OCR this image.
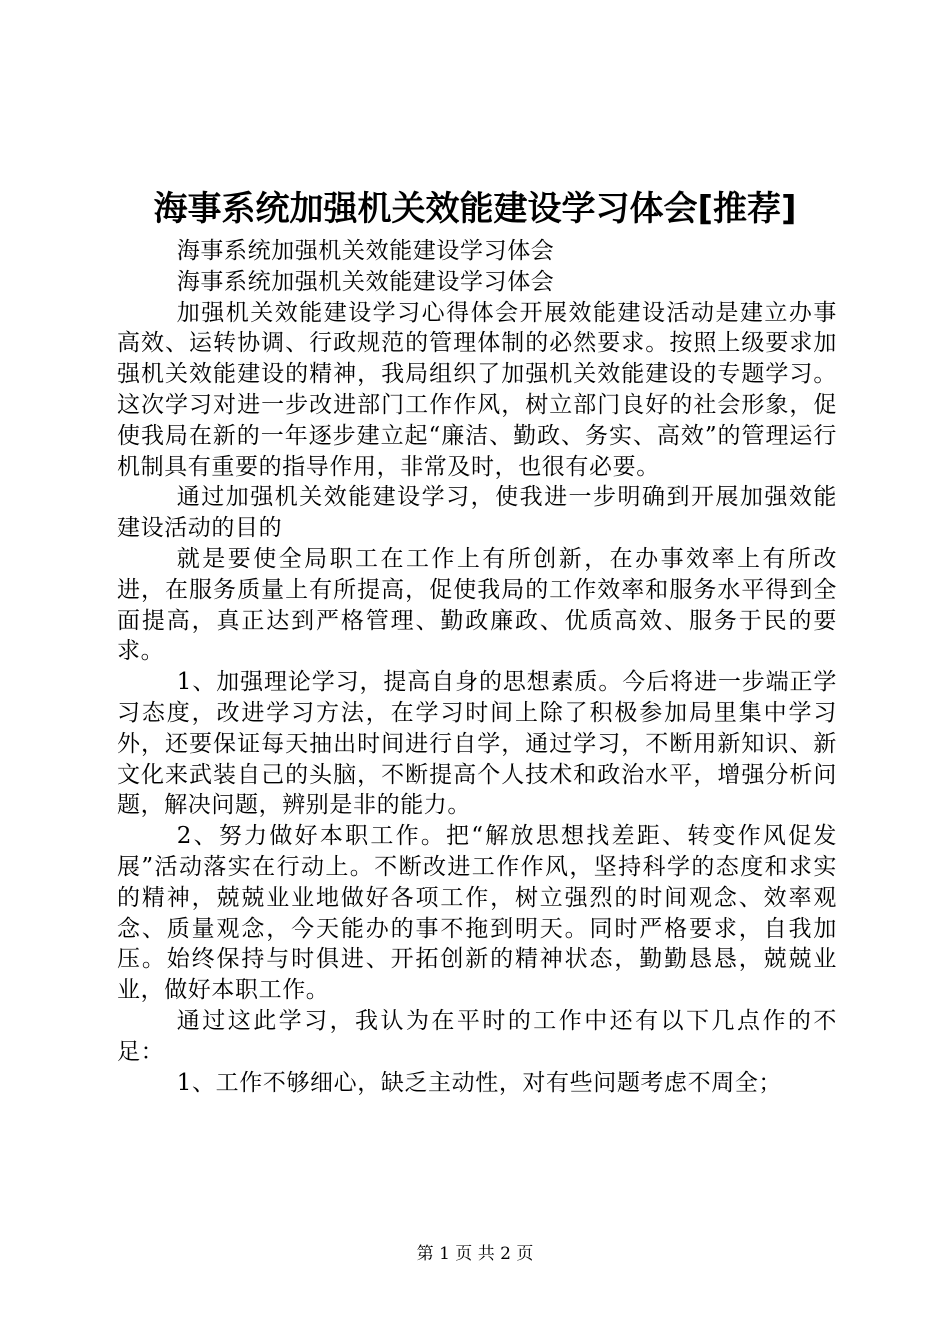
海事系统加强机关效能建设学习体会[推荐]

海事系统加强机关效能建设学习体会

海事系统加强机关效能建设学习体会

加强机关效能建设学习心得体会开展效能建设活动是建立办事高效、运转协调、行政规范的管理体制的必然要求。按照上级要求加强机关效能建设的精神，我局组织了加强机关效能建设的专题学习。这次学习对进一步改进部门工作作风，树立部门良好的社会形象，促使我局在新的一年逐步建立起“廉洁、勤政、务实、高效”的管理运行机制具有重要的指导作用，非常及时，也很有必要。

通过加强机关效能建设学习，使我进一步明确到开展加强效能建设活动的目的

就是要使全局职工在工作上有所创新，在办事效率上有所改进，在服务质量上有所提高，促使我局的工作效率和服务水平得到全面提高，真正达到严格管理、勤政廉政、优质高效、服务于民的要求。

1、加强理论学习，提高自身的思想素质。今后将进一步端正学习态度，改进学习方法，在学习时间上除了积极参加局里集中学习外，还要保证每天抽出时间进行自学，通过学习，不断用新知识、新文化来武装自己的头脑，不断提高个人技术和政治水平，增强分析问题，解决问题，辨别是非的能力。

2、努力做好本职工作。把“解放思想找差距、转变作风促发展”活动落实在行动上。不断改进工作作风，坚持科学的态度和求实的精神，兢兢业业地做好各项工作，树立强烈的时间观念、效率观念、质量观念，今天能办的事不拖到明天。同时严格要求，自我加压。始终保持与时俱进、开拓创新的精神状态，勤勤恳恳，兢兢业业，做好本职工作。

通过这此学习，我认为在平时的工作中还有以下几点作的不足：

1、工作不够细心，缺乏主动性，对有些问题考虑不周全；

第 1 页 共 2 页
